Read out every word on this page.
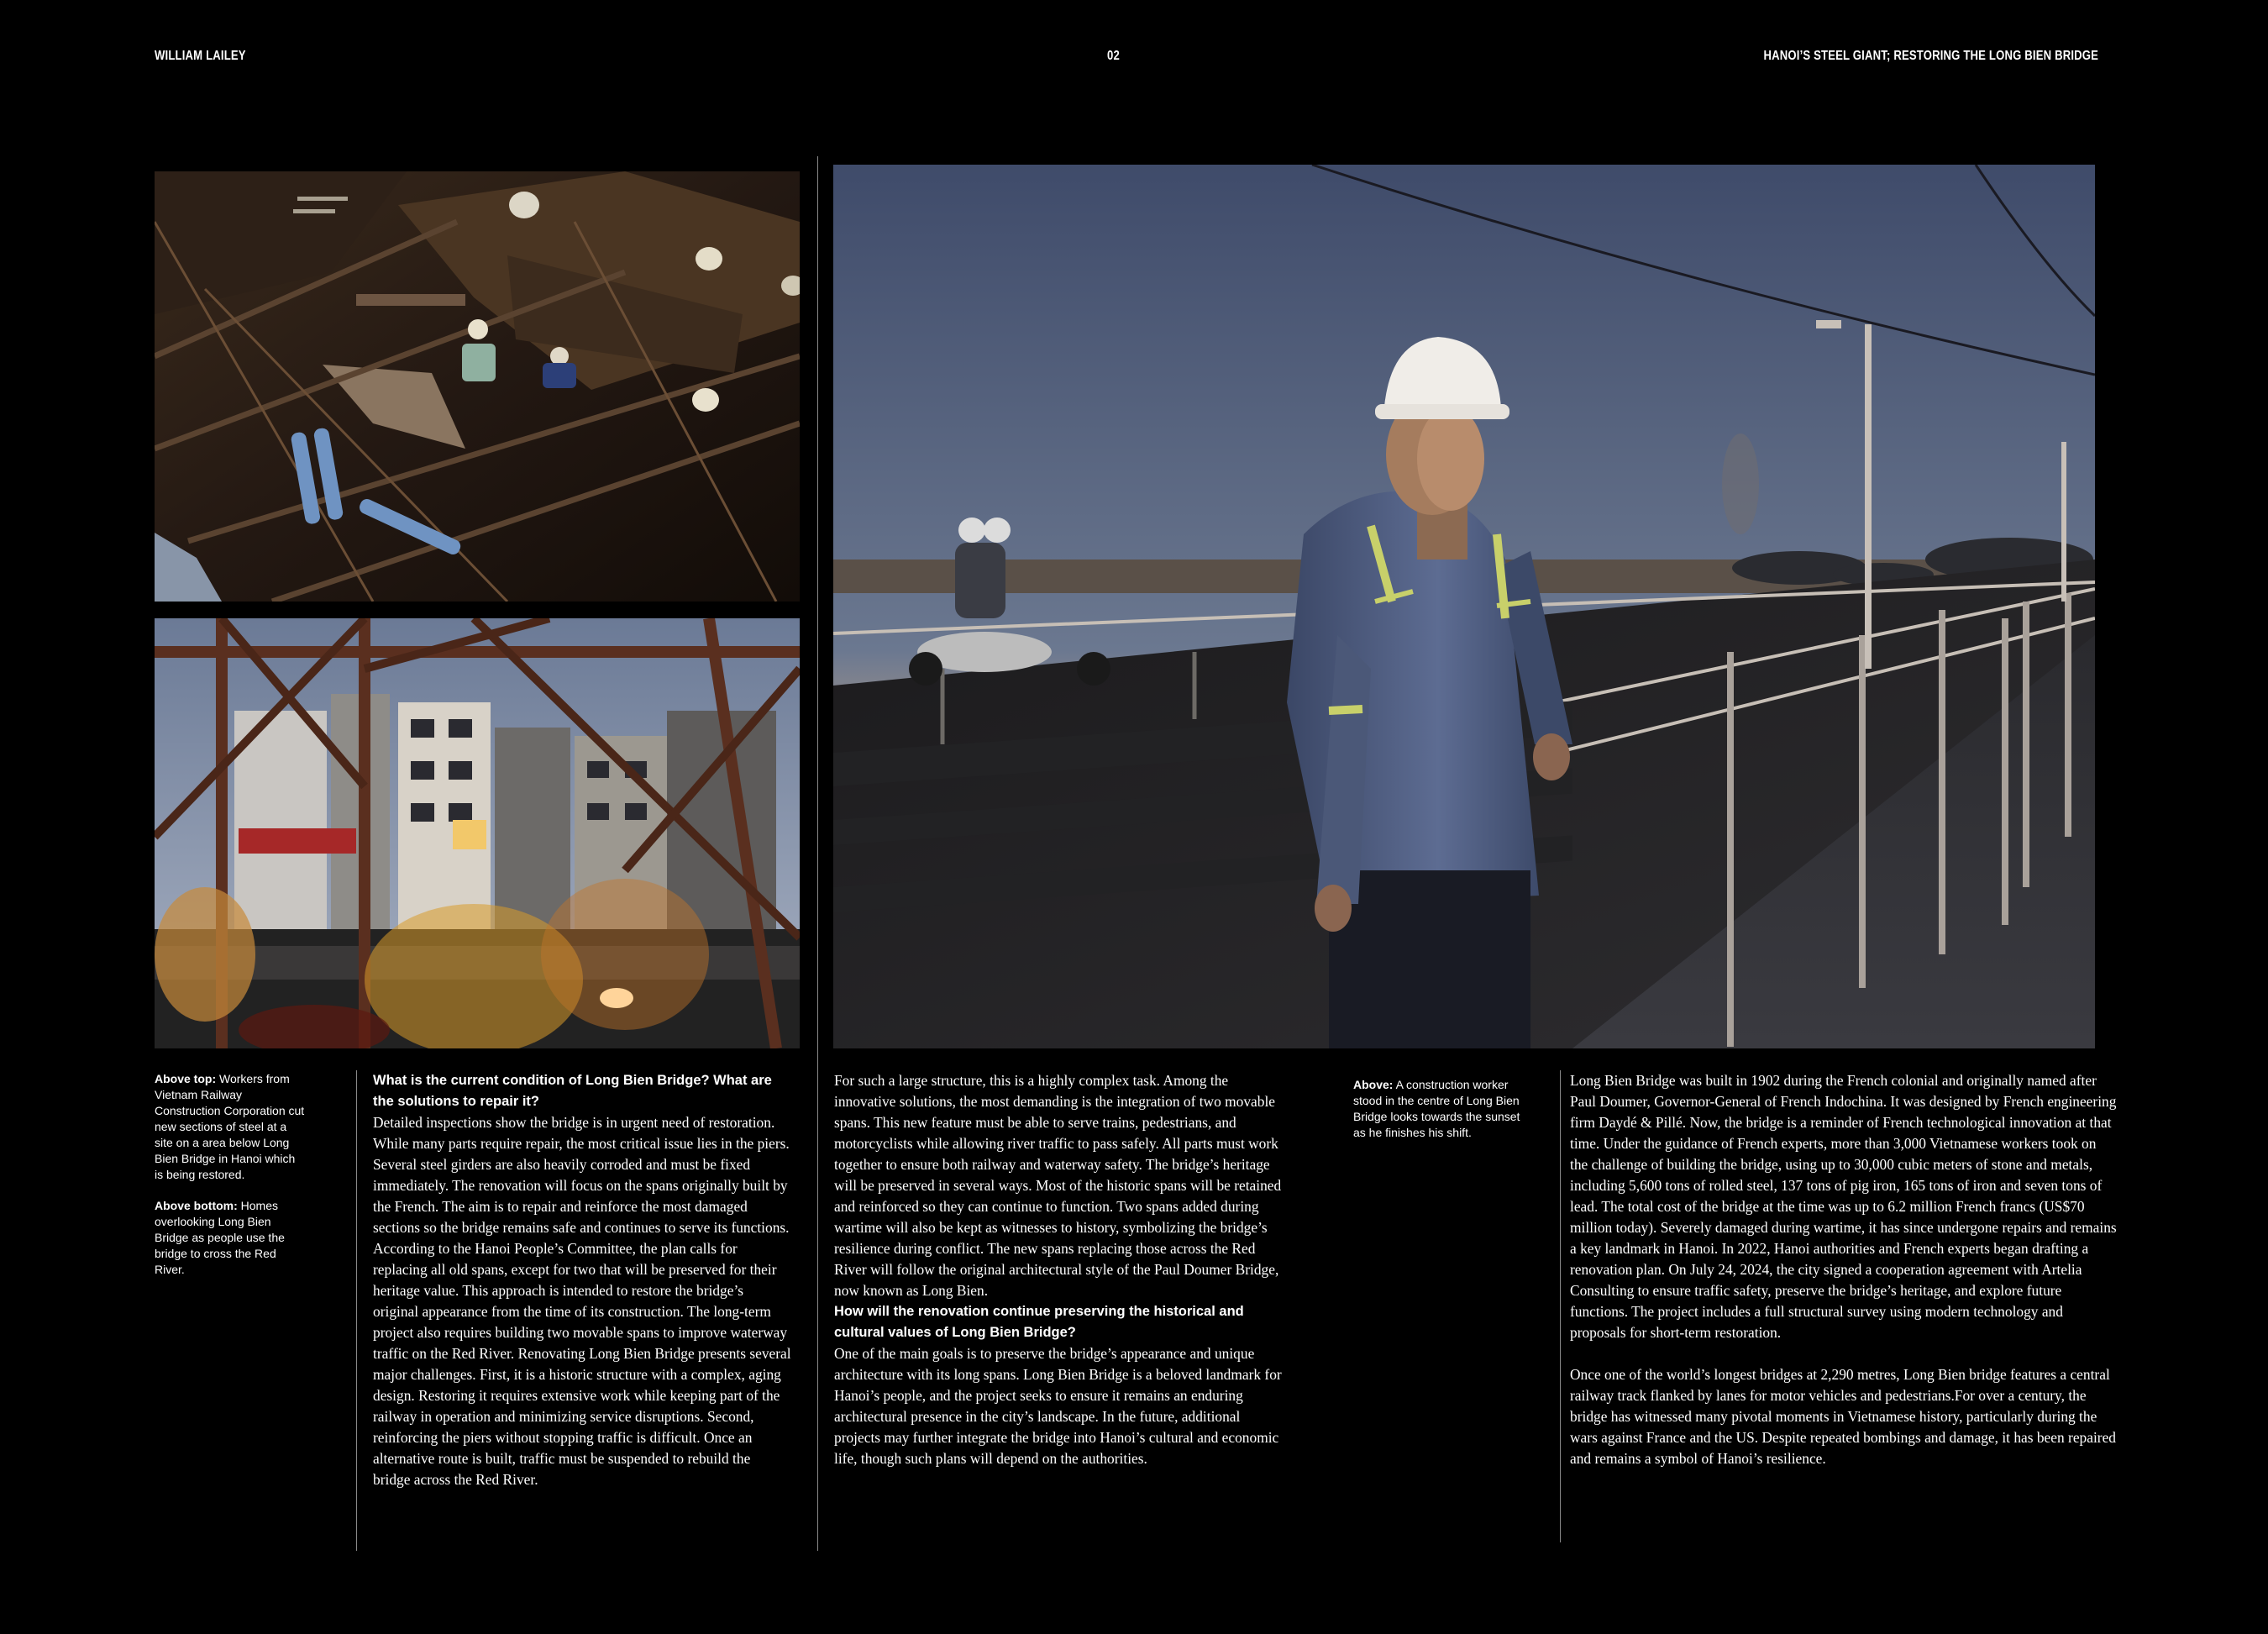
WILLIAM LAILEY	02	HANOI’S STEEL GIANT; RESTORING THE LONG BIEN BRIDGE

Above top: Workers from Vietnam Railway Construction Corporation cut new sections of steel at a site on a area below Long Bien Bridge in Hanoi which is being restored.

Above bottom: Homes overlooking Long Bien Bridge as people use the bridge to cross the Red River.

Above: A construction worker stood in the centre of Long Bien Bridge looks towards the sunset as he finishes his shift.

What is the current condition of Long Bien Bridge? What are the solutions to repair it?
Detailed inspections show the bridge is in urgent need of restoration. While many parts require repair, the most critical issue lies in the piers. Several steel girders are also heavily corroded and must be fixed immediately. The renovation will focus on the spans originally built by the French. The aim is to repair and reinforce the most damaged sections so the bridge remains safe and continues to serve its functions. According to the Hanoi People’s Committee, the plan calls for replacing all old spans, except for two that will be preserved for their heritage value. This approach is intended to restore the bridge’s original appearance from the time of its construction. The long-term project also requires building two movable spans to improve waterway traffic on the Red River. Renovating Long Bien Bridge presents several major challenges. First, it is a historic structure with a complex, aging design. Restoring it requires extensive work while keeping part of the railway in operation and minimizing service disruptions. Second, reinforcing the piers without stopping traffic is difficult. Once an alternative route is built, traffic must be suspended to rebuild the bridge across the Red River.
For such a large structure, this is a highly complex task. Among the innovative solutions, the most demanding is the integration of two movable spans. This new feature must be able to serve trains, pedestrians, and motorcyclists while allowing river traffic to pass safely. All parts must work together to ensure both railway and waterway safety. The bridge’s heritage will be preserved in several ways. Most of the historic spans will be retained and reinforced so they can continue to function. Two spans added during wartime will also be kept as witnesses to history, symbolizing the bridge’s resilience during conflict. The new spans replacing those across the Red River will follow the original architectural style of the Paul Doumer Bridge, now known as Long Bien.
How will the renovation continue preserving the historical and cultural values of Long Bien Bridge?
One of the main goals is to preserve the bridge’s appearance and unique architecture with its long spans. Long Bien Bridge is a beloved landmark for Hanoi’s people, and the project seeks to ensure it remains an enduring architectural presence in the city’s landscape. In the future, additional projects may further integrate the bridge into Hanoi’s cultural and economic life, though such plans will depend on the authorities.
Long Bien Bridge was built in 1902 during the French colonial and originally named after Paul Doumer, Governor-General of French Indochina. It was designed by French engineering firm Daydé & Pillé. Now, the bridge is a reminder of French technological innovation at that time. Under the guidance of French experts, more than 3,000 Vietnamese workers took on the challenge of building the bridge, using up to 30,000 cubic meters of stone and metals, including 5,600 tons of rolled steel, 137 tons of pig iron, 165 tons of iron and seven tons of lead. The total cost of the bridge at the time was up to 6.2 million French francs (US$70 million today). Severely damaged during wartime, it has since undergone repairs and remains a key landmark in Hanoi. In 2022, Hanoi authorities and French experts began drafting a renovation plan. On July 24, 2024, the city signed a cooperation agreement with Artelia Consulting to ensure traffic safety, preserve the bridge’s heritage, and explore future functions. The project includes a full structural survey using modern technology and proposals for short-term restoration.
Once one of the world’s longest bridges at 2,290 metres, Long Bien bridge features a central railway track flanked by lanes for motor vehicles and pedestrians.For over a century, the bridge has witnessed many pivotal moments in Vietnamese history, particularly during the wars against France and the US. Despite repeated bombings and damage, it has been repaired and remains a symbol of Hanoi’s resilience.
